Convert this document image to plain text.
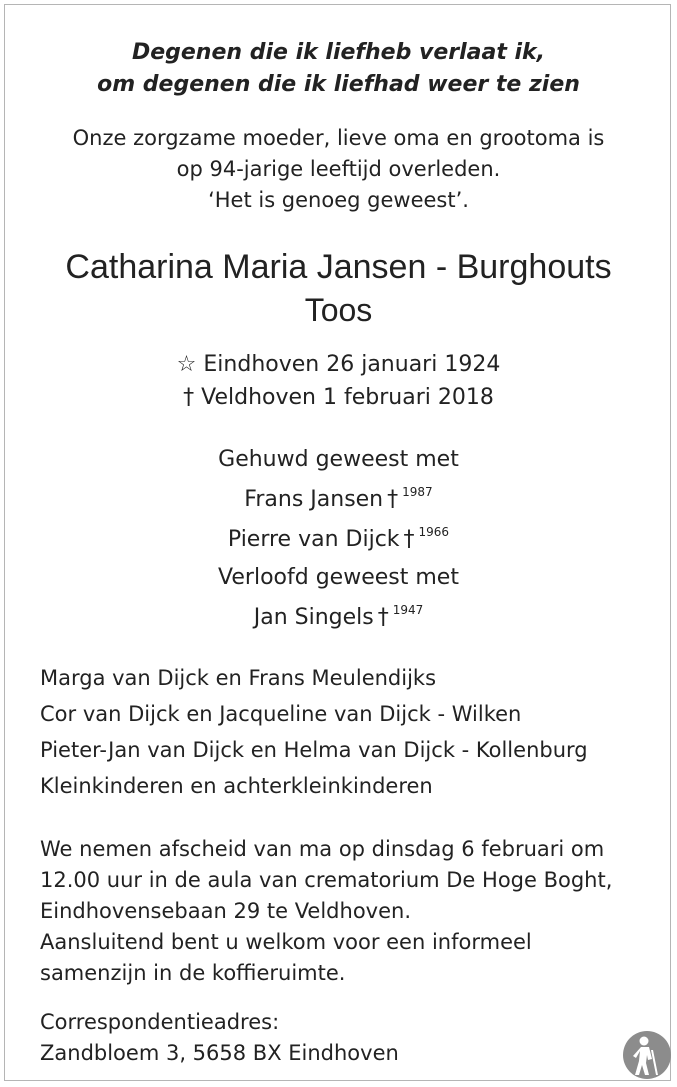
Degenen die ik liefheb verlaat ik,
om degenen die ik liefhad weer te zien
Onze zorgzame moeder, lieve oma en grootoma is
op 94-jarige leeftijd overleden.
‘Het is genoeg geweest’.
Catharina Maria Jansen - Burghouts
Toos
☆ Eindhoven 26 januari 1924
† Veldhoven 1 februari 2018
Gehuwd geweest met
Frans Jansen † $^{1987}$
Pierre van Dijck † $^{1966}$
Verloofd geweest met
Jan Singels † $^{1947}$
Marga van Dijck en Frans Meulendijks
Cor van Dijck en Jacqueline van Dijck - Wilken
Pieter-Jan van Dijck en Helma van Dijck - Kollenburg
Kleinkinderen en achterkleinkinderen
We nemen afscheid van ma op dinsdag 6 februari om
12.00 uur in de aula van crematorium De Hoge Boght,
Eindhovensebaan 29 te Veldhoven.
Aansluitend bent u welkom voor een informeel
samenzijn in de koffieruimte.
Correspondentieadres:
Zandbloem 3, 5658 BX Eindhoven
